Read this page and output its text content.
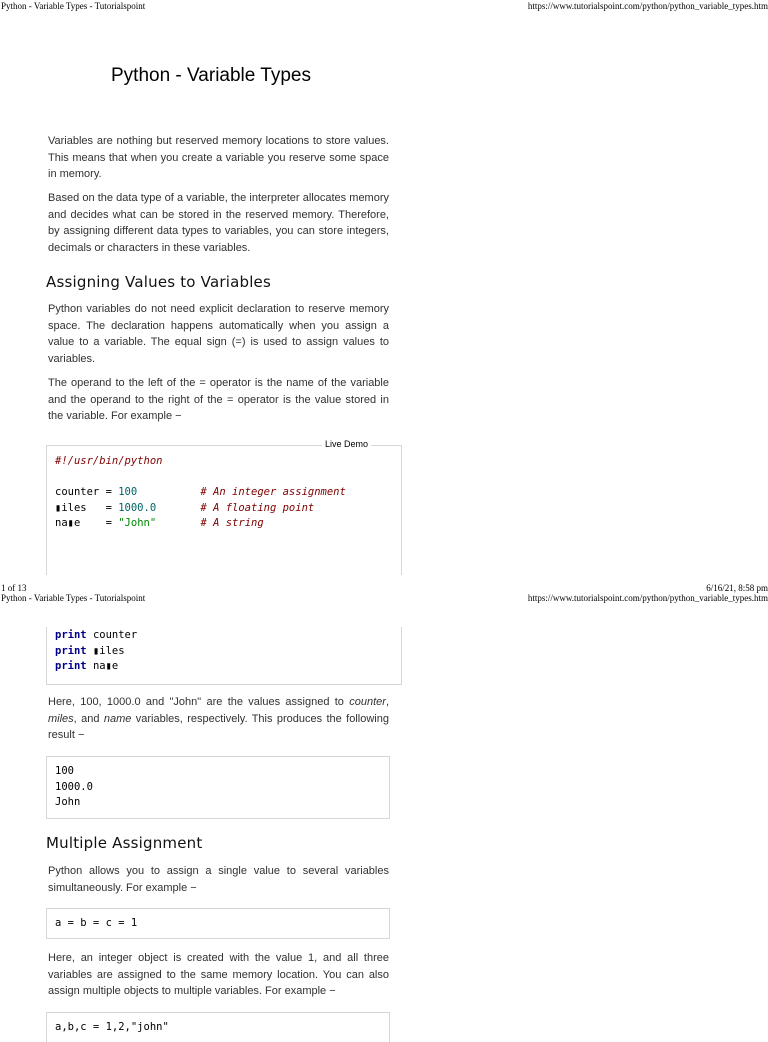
Python - Variable Types - Tutorialspoint	https://www.tutorialspoint.com/python/python_variable_types.htm
Python - Variable Types

Variables are nothing but reserved memory locations to store values. This means that when you create a variable you reserve some space in memory.

Based on the data type of a variable, the interpreter allocates memory and decides what can be stored in the reserved memory. Therefore, by assigning different data types to variables, you can store integers, decimals or characters in these variables.

Assigning Values to Variables

Python variables do not need explicit declaration to reserve memory space. The declaration happens automatically when you assign a value to a variable. The equal sign (=) is used to assign values to variables.

The operand to the left of the = operator is the name of the variable and the operand to the right of the = operator is the value stored in the variable. For example −

#!/usr/bin/python

counter = 100	# An integer assignment
▮iles   = 1000.0	# A floating point
na▮e    = "John"	# A string
Live Demo
1 of 13	6/16/21, 8:58 pm
Python - Variable Types - Tutorialspoint	https://www.tutorialspoint.com/python/python_variable_types.htm
print counter
print ▮iles
print na▮e

Here, 100, 1000.0 and "John" are the values assigned to counter, miles, and name variables, respectively. This produces the following result −

100
1000.0
John
Multiple Assignment

Python allows you to assign a single value to several variables simultaneously. For example −

a = b = c = 1

Here, an integer object is created with the value 1, and all three variables are assigned to the same memory location. You can also assign multiple objects to multiple variables. For example −

a,b,c = 1,2,"john"
